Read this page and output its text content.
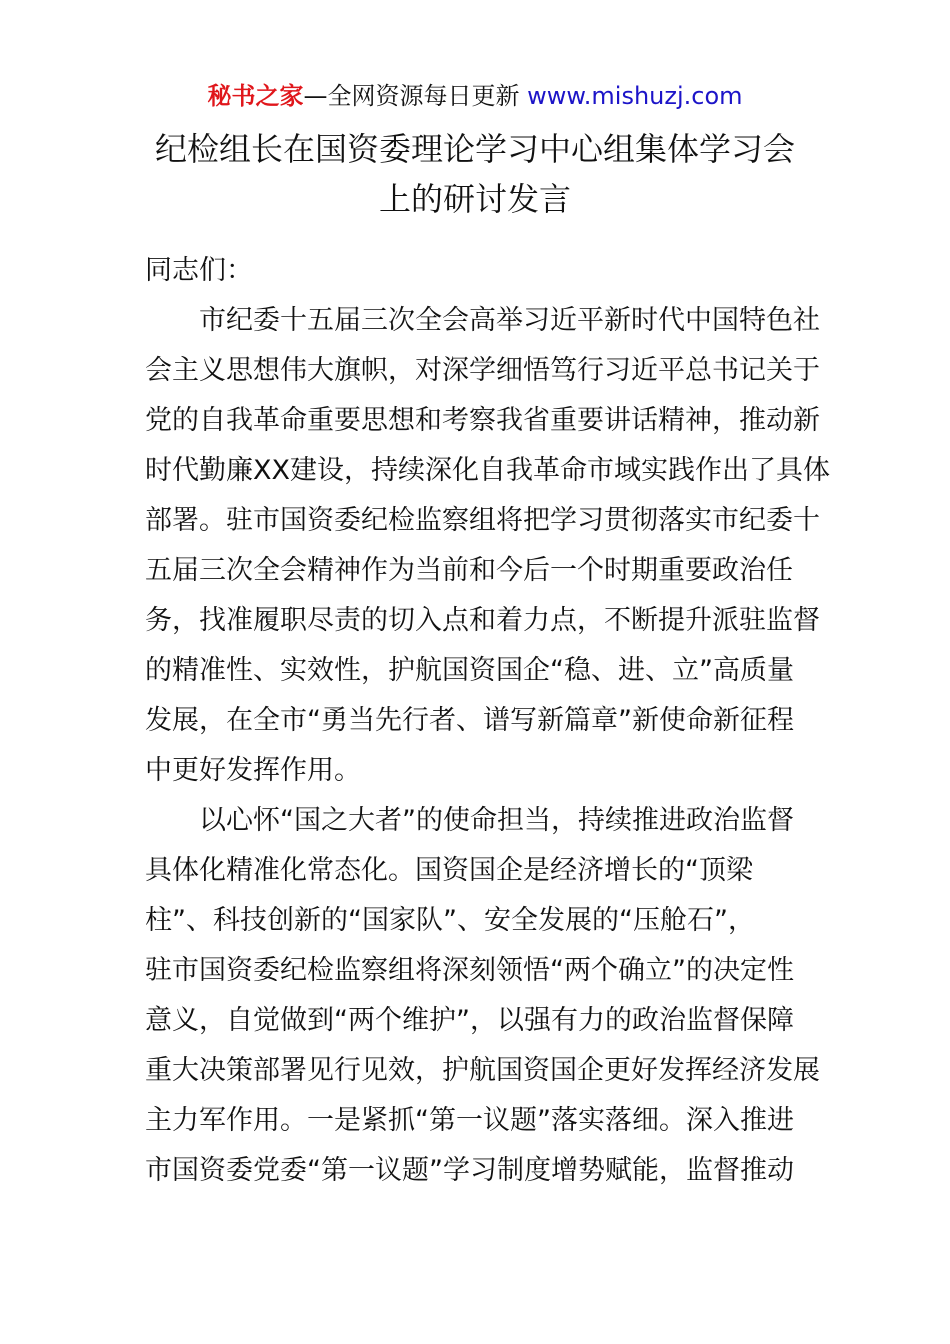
秘书之家—全网资源每日更新 www.mishuzj.com
纪检组长在国资委理论学习中心组集体学习会
上的研讨发言

同志们：

市纪委十五届三次全会高举习近平新时代中国特色社
会主义思想伟大旗帜，对深学细悟笃行习近平总书记关于
党的自我革命重要思想和考察我省重要讲话精神，推动新
时代勤廉XX建设，持续深化自我革命市域实践作出了具体
部署。驻市国资委纪检监察组将把学习贯彻落实市纪委十
五届三次全会精神作为当前和今后一个时期重要政治任
务，找准履职尽责的切入点和着力点，不断提升派驻监督
的精准性、实效性，护航国资国企“稳、进、立”高质量
发展，在全市“勇当先行者、谱写新篇章”新使命新征程
中更好发挥作用。

以心怀“国之大者”的使命担当，持续推进政治监督
具体化精准化常态化。国资国企是经济增长的“顶梁
柱”、科技创新的“国家队”、安全发展的“压舱石”，
驻市国资委纪检监察组将深刻领悟“两个确立”的决定性
意义，自觉做到“两个维护”，以强有力的政治监督保障
重大决策部署见行见效，护航国资国企更好发挥经济发展
主力军作用。一是紧抓“第一议题”落实落细。深入推进
市国资委党委“第一议题”学习制度增势赋能，监督推动
